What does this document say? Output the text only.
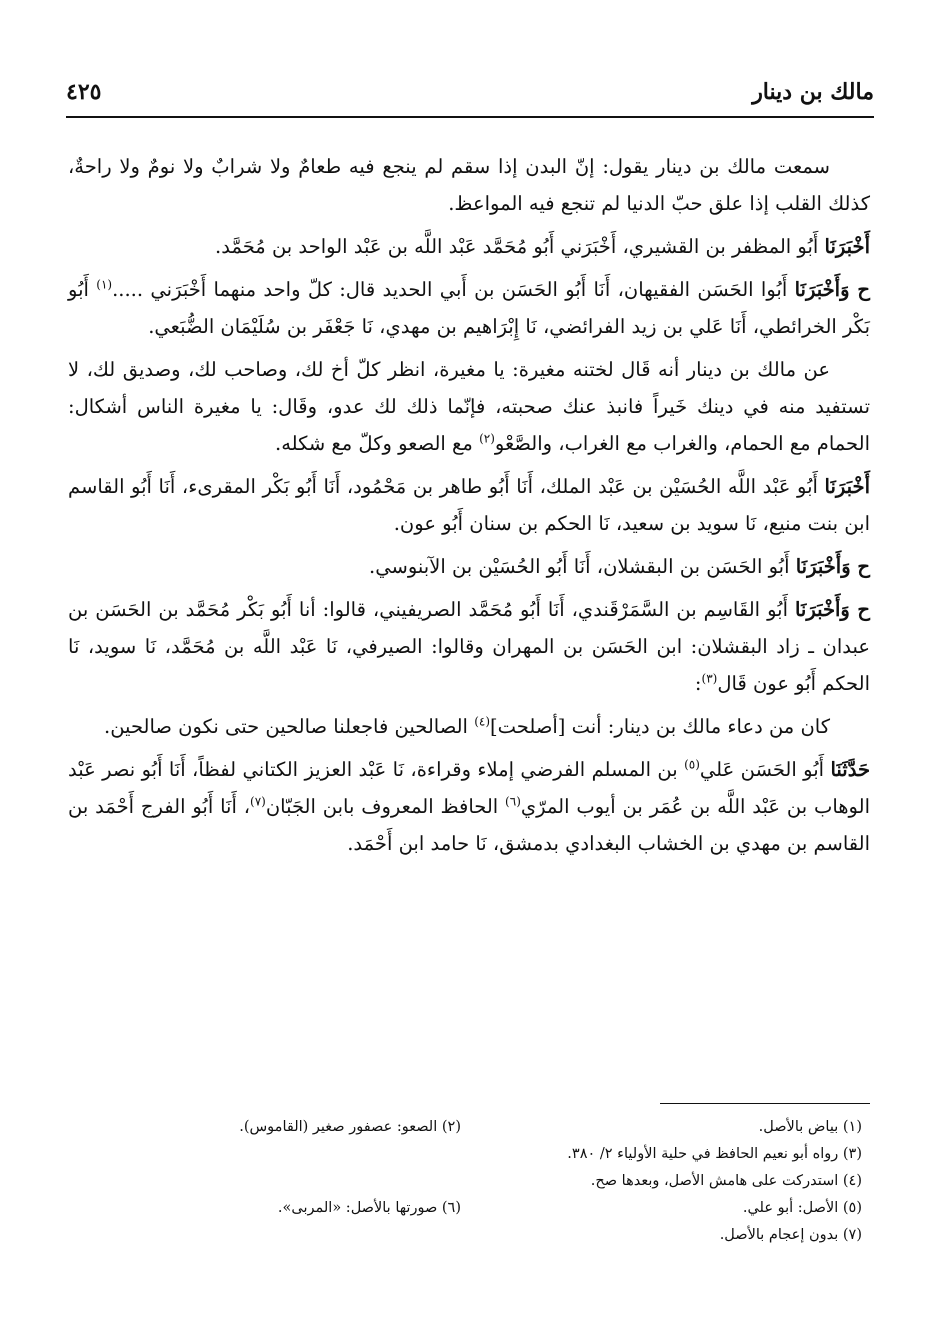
مالك بن دينار
٤٢٥

سمعت مالك بن دينار يقول: إنّ البدن إذا سقم لم ينجع فيه طعامٌ ولا شرابٌ ولا نومٌ ولا راحةٌ، كذلك القلب إذا علق حبّ الدنيا لم تنجع فيه المواعظ.

أَخْبَرَنَا أَبُو المظفر بن القشيري، أَخْبَرَني أَبُو مُحَمَّد عَبْد اللَّه بن عَبْد الواحد بن مُحَمَّد.

ح وَأَخْبَرَنَا أَبُوا الحَسَن الفقيهان، أَنَا أَبُو الحَسَن بن أَبي الحديد قال: كلّ واحد منهما أَخْبَرَني .....$^{(١)}$ أَبُو بَكْر الخرائطي، أَنَا عَلي بن زيد الفرائضي، نَا إِبْرَاهيم بن مهدي، نَا جَعْفَر بن سُلَيْمَان الضُّبَعي.

عن مالك بن دينار أنه قَال لختنه مغيرة: يا مغيرة، انظر كلّ أخ لك، وصاحب لك، وصديق لك، لا تستفيد منه في دينك خَيراً فانبذ عنك صحبته، فإنّما ذلك لك عدو، وقَال: يا مغيرة الناس أشكال: الحمام مع الحمام، والغراب مع الغراب، والصَّعْو$^{(٢)}$ مع الصعو وكلّ مع شكله.

أَخْبَرَنَا أَبُو عَبْد اللَّه الحُسَيْن بن عَبْد الملك، أَنَا أَبُو طاهر بن مَحْمُود، أَنَا أَبُو بَكْر المقرىء، أَنَا أَبُو القاسم ابن بنت منيع، نَا سويد بن سعيد، نَا الحكم بن سنان أَبُو عون.

ح وَأَخْبَرَنَا أَبُو الحَسَن بن البقشلان، أَنَا أَبُو الحُسَيْن بن الآبنوسي.

ح وَأَخْبَرَنَا أَبُو القَاسِم بن السَّمَرْقَندي، أَنَا أَبُو مُحَمَّد الصريفيني، قالوا: أنا أَبُو بَكْر مُحَمَّد بن الحَسَن بن عبدان ـ زاد البقشلان: ابن الحَسَن بن المهران وقالوا: الصيرفي، نَا عَبْد اللَّه بن مُحَمَّد، نَا سويد، نَا الحكم أَبُو عون قَال$^{(٣)}$:

كان من دعاء مالك بن دينار: أنت [أصلحت]$^{(٤)}$ الصالحين فاجعلنا صالحين حتى نكون صالحين.

حَدَّثَنَا أَبُو الحَسَن عَلي$^{(٥)}$ بن المسلم الفرضي إملاء وقراءة، نَا عَبْد العزيز الكتاني لفظاً، أَنَا أَبُو نصر عَبْد الوهاب بن عَبْد اللَّه بن عُمَر بن أيوب المرّي$^{(٦)}$ الحافظ المعروف بابن الجَبّان$^{(٧)}$، أَنَا أَبُو الفرج أَحْمَد بن القاسم بن مهدي بن الخشاب البغدادي بدمشق، نَا حامد ابن أَحْمَد.

(١) بياض بالأصل.
(٢) الصعو: عصفور صغير (القاموس).
(٣) رواه أبو نعيم الحافظ في حلية الأولياء ٢/ ٣٨٠.
(٤) استدركت على هامش الأصل، وبعدها صح.
(٥) الأصل: أبو علي.
(٦) صورتها بالأصل: «المربى».
(٧) بدون إعجام بالأصل.
